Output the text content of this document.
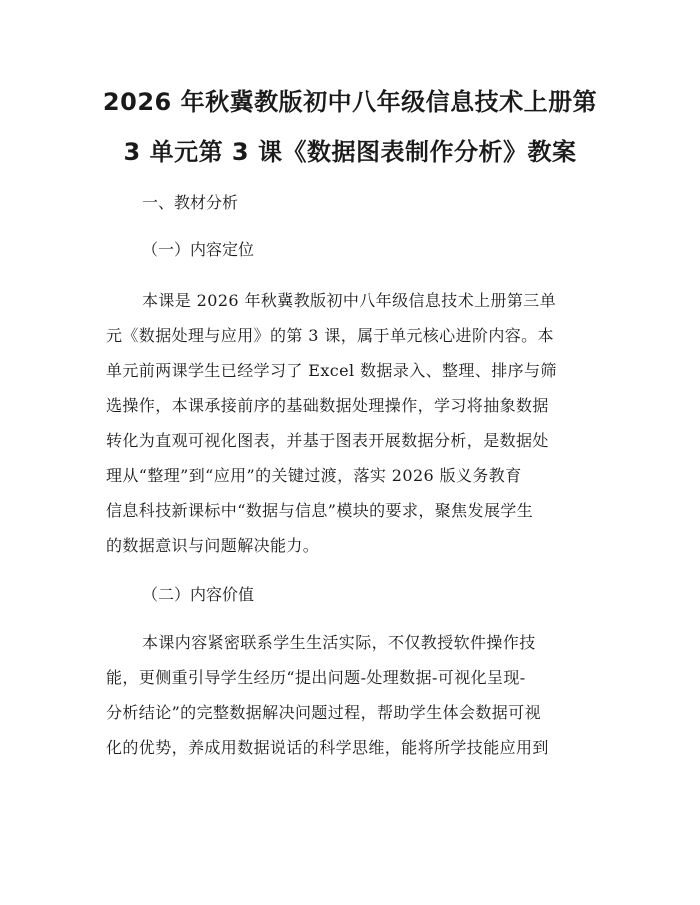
2026 年秋冀教版初中八年级信息技术上册第
3 单元第 3 课《数据图表制作分析》教案
一、教材分析
（一）内容定位
本课是 2026 年秋冀教版初中八年级信息技术上册第三单
元《数据处理与应用》的第 3 课，属于单元核心进阶内容。本
单元前两课学生已经学习了 Excel 数据录入、整理、排序与筛
选操作，本课承接前序的基础数据处理操作，学习将抽象数据
转化为直观可视化图表，并基于图表开展数据分析，是数据处
理从“整理”到“应用”的关键过渡，落实 2026 版义务教育
信息科技新课标中“数据与信息”模块的要求，聚焦发展学生
的数据意识与问题解决能力。
（二）内容价值
本课内容紧密联系学生生活实际，不仅教授软件操作技
能，更侧重引导学生经历“提出问题-处理数据-可视化呈现-
分析结论”的完整数据解决问题过程，帮助学生体会数据可视
化的优势，养成用数据说话的科学思维，能将所学技能应用到
